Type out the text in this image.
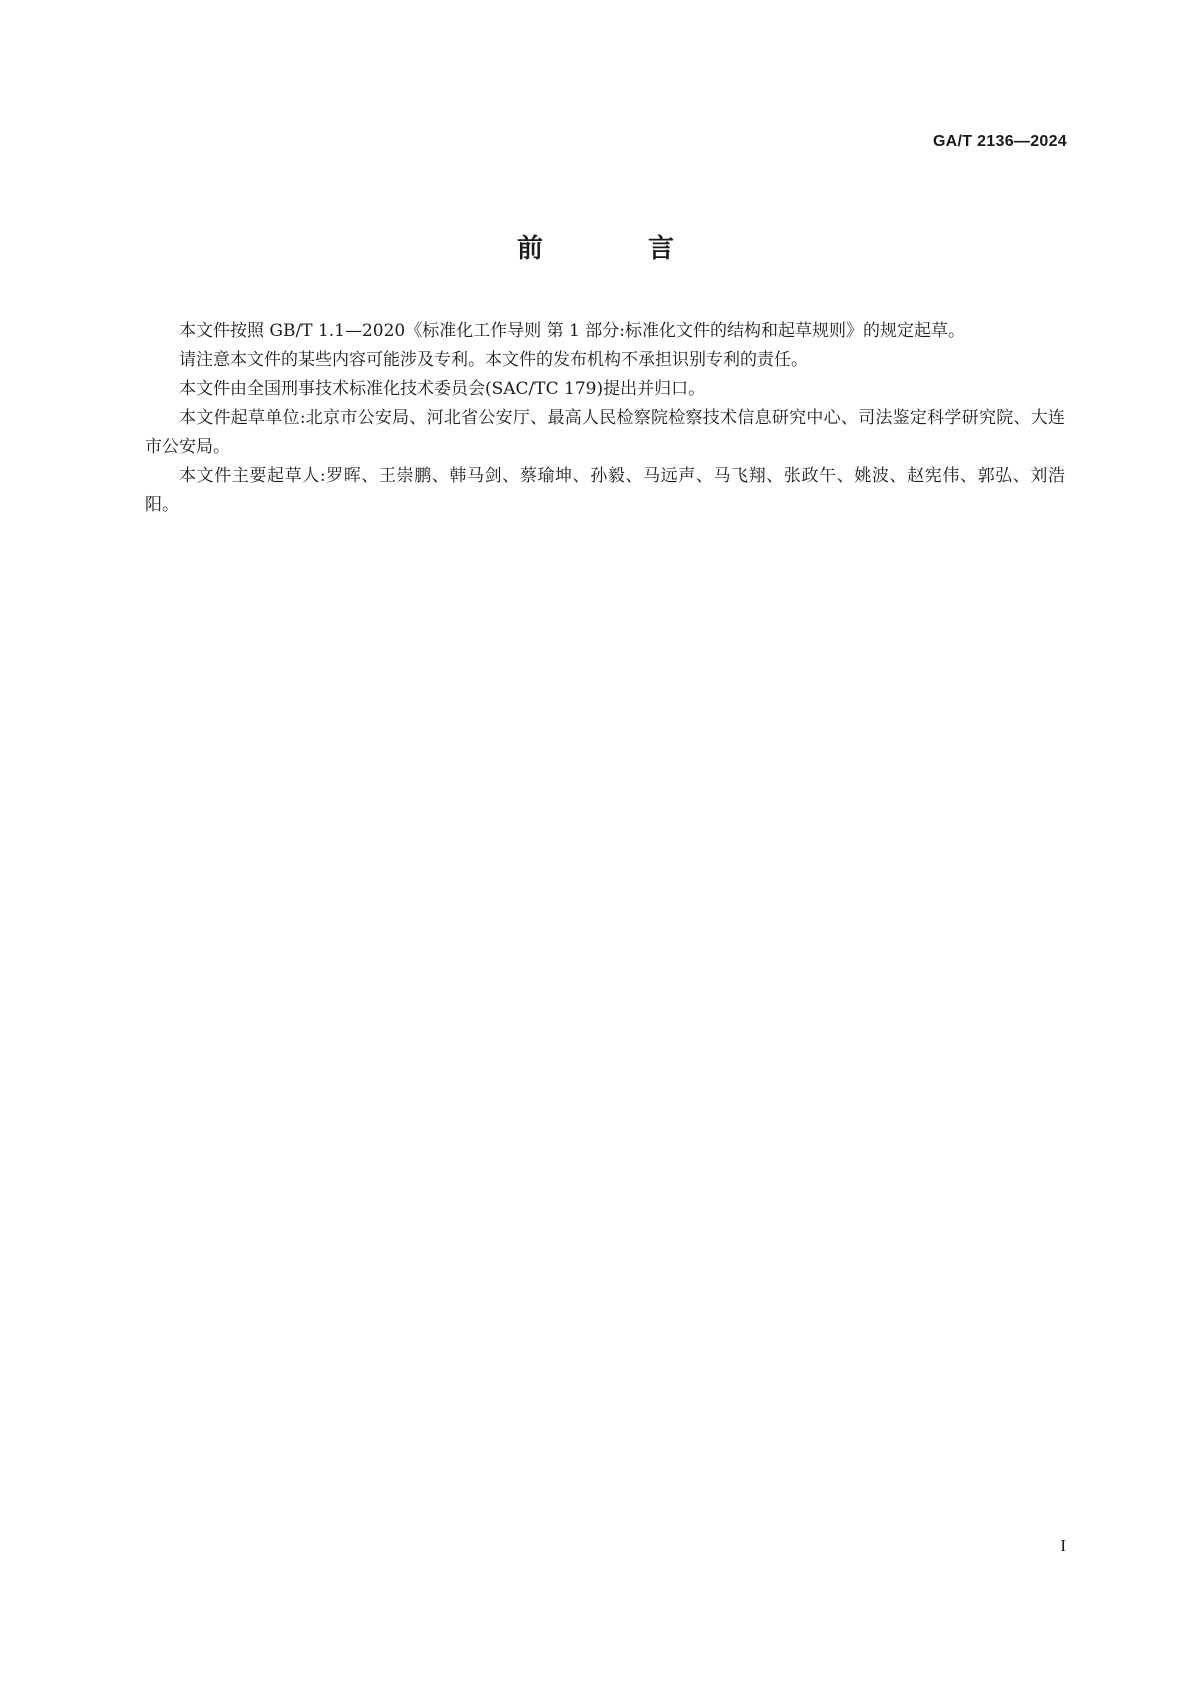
GA/T 2136—2024
前 言

本文件按照 GB/T 1.1—2020《标准化工作导则 第 1 部分:标准化文件的结构和起草规则》的规定起草。

请注意本文件的某些内容可能涉及专利。本文件的发布机构不承担识别专利的责任。

本文件由全国刑事技术标准化技术委员会(SAC/TC 179)提出并归口。

本文件起草单位:北京市公安局、河北省公安厅、最高人民检察院检察技术信息研究中心、司法鉴定科学研究院、大连市公安局。

本文件主要起草人:罗晖、王崇鹏、韩马剑、蔡瑜坤、孙毅、马远声、马飞翔、张政午、姚波、赵宪伟、郭弘、刘浩阳。

I
